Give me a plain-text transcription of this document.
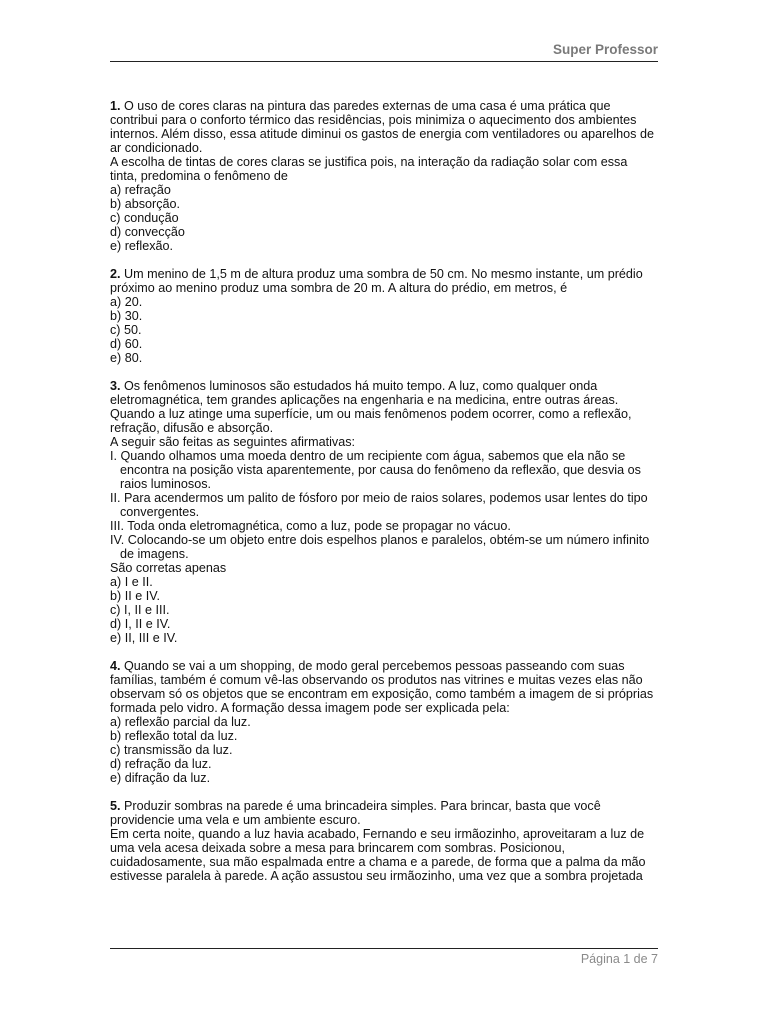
Super Professor

1. O uso de cores claras na pintura das paredes externas de uma casa é uma prática que contribui para o conforto térmico das residências, pois minimiza o aquecimento dos ambientes internos. Além disso, essa atitude diminui os gastos de energia com ventiladores ou aparelhos de ar condicionado.

A escolha de tintas de cores claras se justifica pois, na interação da radiação solar com essa tinta, predomina o fenômeno de

a) refração
b) absorção.
c) condução
d) convecção
e) reflexão.

2. Um menino de 1,5 m de altura produz uma sombra de 50 cm. No mesmo instante, um prédio próximo ao menino produz uma sombra de 20 m. A altura do prédio, em metros, é

a) 20.
b) 30.
c) 50.
d) 60.
e) 80.

3. Os fenômenos luminosos são estudados há muito tempo. A luz, como qualquer onda eletromagnética, tem grandes aplicações na engenharia e na medicina, entre outras áreas. Quando a luz atinge uma superfície, um ou mais fenômenos podem ocorrer, como a reflexão, refração, difusão e absorção.

A seguir são feitas as seguintes afirmativas:

I. Quando olhamos uma moeda dentro de um recipiente com água, sabemos que ela não se encontra na posição vista aparentemente, por causa do fenômeno da reflexão, que desvia os raios luminosos.
II. Para acendermos um palito de fósforo por meio de raios solares, podemos usar lentes do tipo convergentes.
III. Toda onda eletromagnética, como a luz, pode se propagar no vácuo.
IV. Colocando-se um objeto entre dois espelhos planos e paralelos, obtém-se um número infinito de imagens.

São corretas apenas

a) I e II.
b) II e IV.
c) I, II e III.
d) I, II e IV.
e) II, III e IV.

4. Quando se vai a um shopping, de modo geral percebemos pessoas passeando com suas famílias, também é comum vê-las observando os produtos nas vitrines e muitas vezes elas não observam só os objetos que se encontram em exposição, como também a imagem de si próprias formada pelo vidro. A formação dessa imagem pode ser explicada pela:

a) reflexão parcial da luz.
b) reflexão total da luz.
c) transmissão da luz.
d) refração da luz.
e) difração da luz.

5. Produzir sombras na parede é uma brincadeira simples. Para brincar, basta que você providencie uma vela e um ambiente escuro.

Em certa noite, quando a luz havia acabado, Fernando e seu irmãozinho, aproveitaram a luz de uma vela acesa deixada sobre a mesa para brincarem com sombras. Posicionou, cuidadosamente, sua mão espalmada entre a chama e a parede, de forma que a palma da mão estivesse paralela à parede. A ação assustou seu irmãozinho, uma vez que a sombra projetada

Página 1 de 7
